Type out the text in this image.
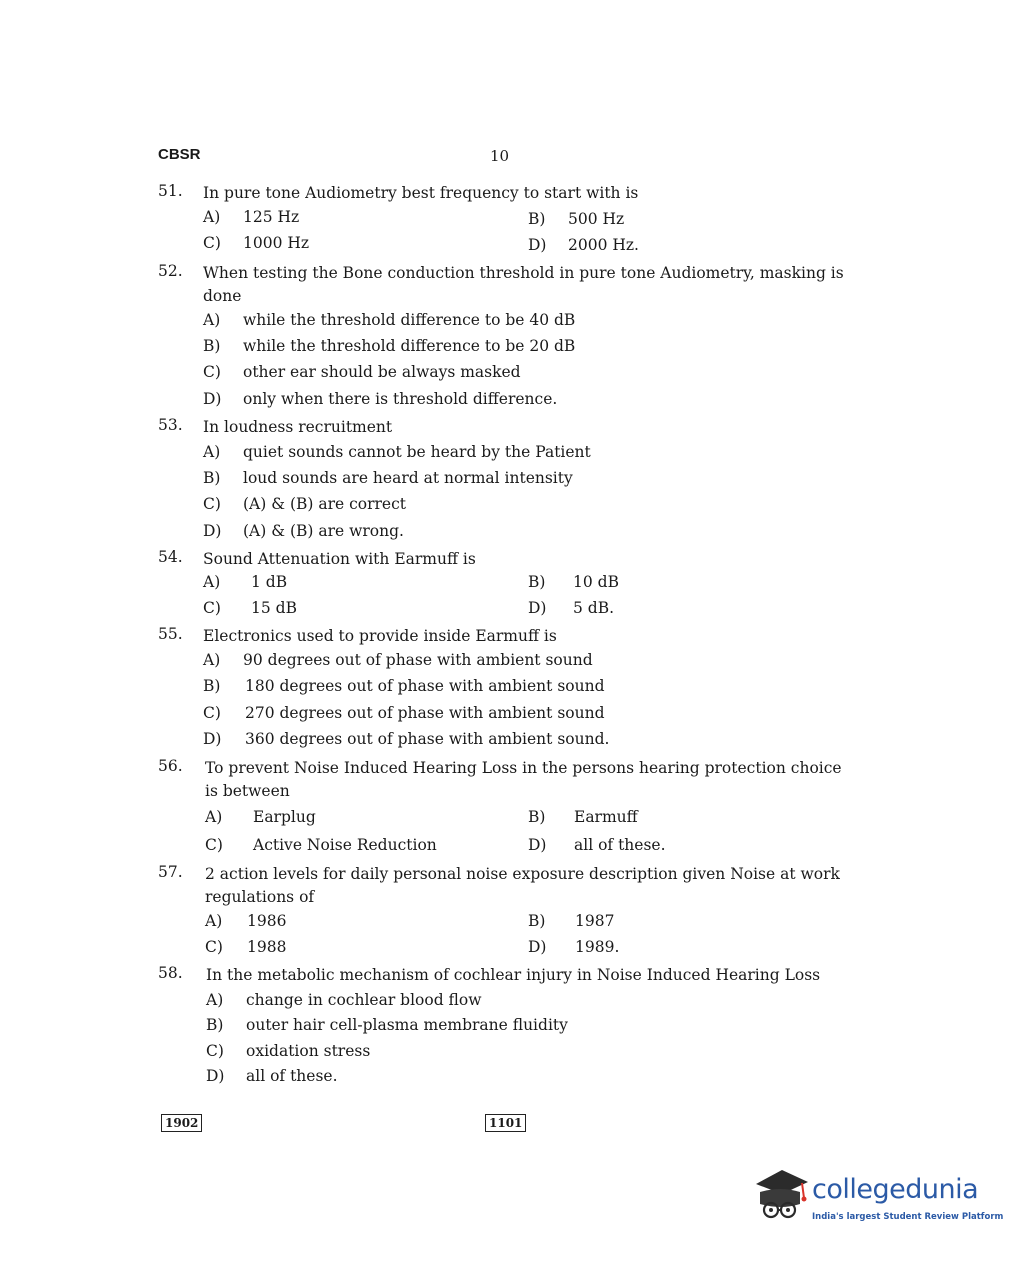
CBSR	10
51. In pure tone Audiometry best frequency to start with is
A) 125 Hz	B) 500 Hz
C) 1000 Hz	D) 2000 Hz.
52. When testing the Bone conduction threshold in pure tone Audiometry, masking is done
A) while the threshold difference to be 40 dB
B) while the threshold difference to be 20 dB
C) other ear should be always masked
D) only when there is threshold difference.
53. In loudness recruitment
A) quiet sounds cannot be heard by the Patient
B) loud sounds are heard at normal intensity
C) (A) & (B) are correct
D) (A) & (B) are wrong.
54. Sound Attenuation with Earmuff is
A) 1 dB	B) 10 dB
C) 15 dB	D) 5 dB.
55. Electronics used to provide inside Earmuff is
A) 90 degrees out of phase with ambient sound
B) 180 degrees out of phase with ambient sound
C) 270 degrees out of phase with ambient sound
D) 360 degrees out of phase with ambient sound.
56. To prevent Noise Induced Hearing Loss in the persons hearing protection choice is between
A) Earplug	B) Earmuff
C) Active Noise Reduction	D) all of these.
57. 2 action levels for daily personal noise exposure description given Noise at work regulations of
A) 1986	B) 1987
C) 1988	D) 1989.
58. In the metabolic mechanism of cochlear injury in Noise Induced Hearing Loss
A) change in cochlear blood flow
B) outer hair cell-plasma membrane fluidity
C) oxidation stress
D) all of these.
1902	1101
collegedunia
India's largest Student Review Platform
